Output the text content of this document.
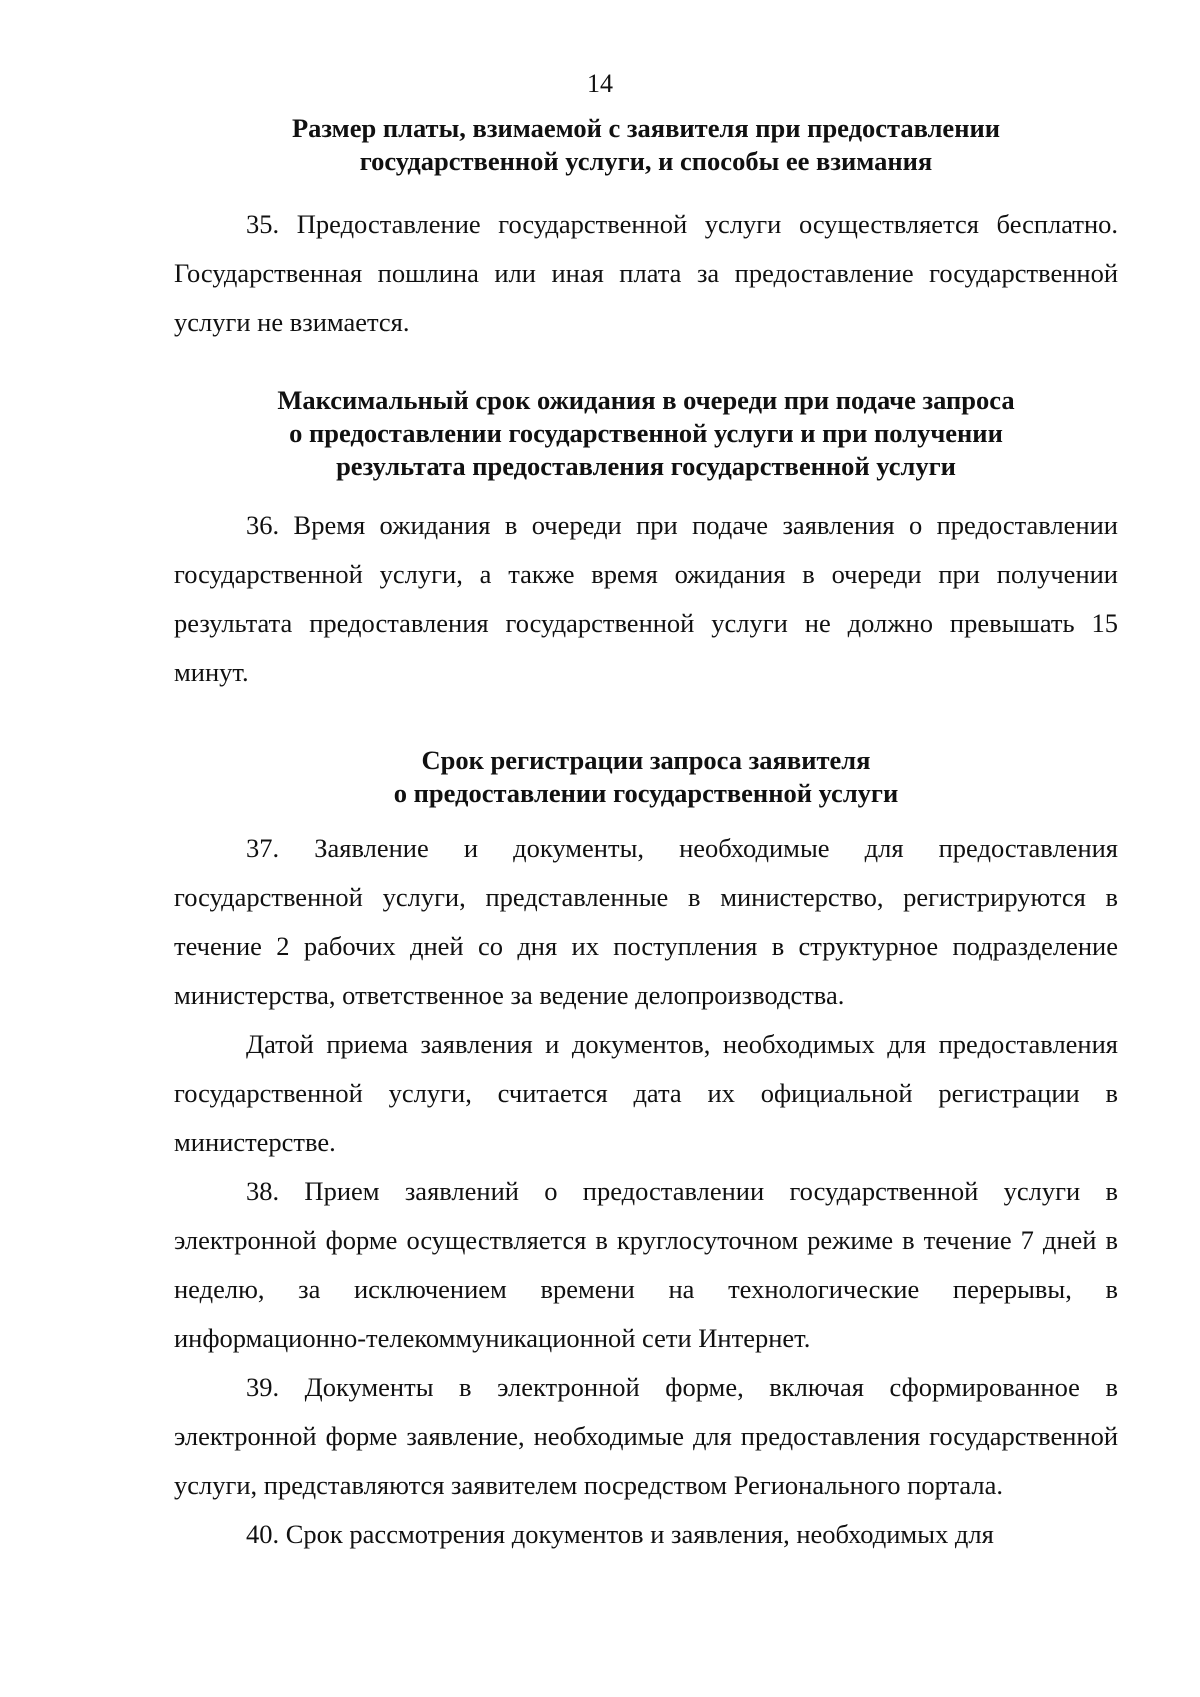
14
Размер платы, взимаемой с заявителя при предоставлении
государственной услуги, и способы ее взимания

35. Предоставление государственной услуги осуществляется бесплатно. Государственная пошлина или иная плата за предоставление государственной услуги не взимается.

Максимальный срок ожидания в очереди при подаче запроса
о предоставлении государственной услуги и при получении
результата предоставления государственной услуги

36. Время ожидания в очереди при подаче заявления о предоставлении государственной услуги, а также время ожидания в очереди при получении результата предоставления государственной услуги не должно превышать 15 минут.

Срок регистрации запроса заявителя
о предоставлении государственной услуги

37. Заявление и документы, необходимые для предоставления государственной услуги, представленные в министерство, регистрируются в течение 2 рабочих дней со дня их поступления в структурное подразделение министерства, ответственное за ведение делопроизводства.

Датой приема заявления и документов, необходимых для предоставления государственной услуги, считается дата их официальной регистрации в министерстве.

38. Прием заявлений о предоставлении государственной услуги в электронной форме осуществляется в круглосуточном режиме в течение 7 дней в неделю, за исключением времени на технологические перерывы, в информационно-телекоммуникационной сети Интернет.

39. Документы в электронной форме, включая сформированное в электронной форме заявление, необходимые для предоставления государственной услуги, представляются заявителем посредством Регионального портала.

40. Срок рассмотрения документов и заявления, необходимых для
